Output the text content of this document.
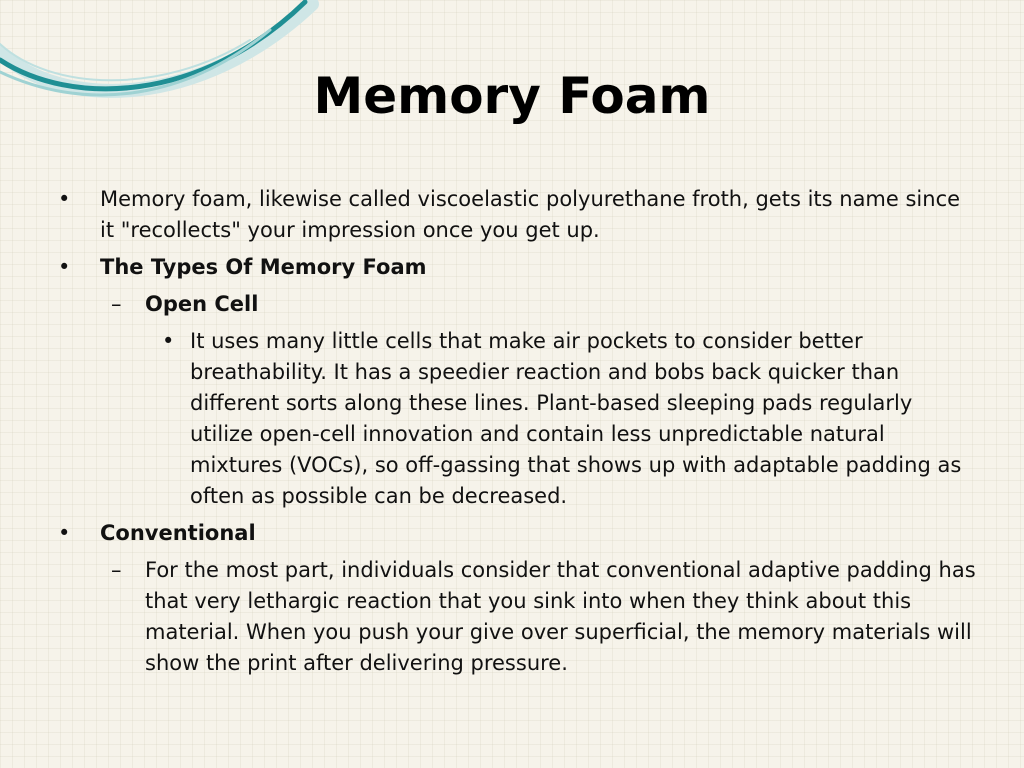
Memory Foam
• Memory foam, likewise called viscoelastic polyurethane froth, gets its name since it "recollects" your impression once you get up.
• The Types Of Memory Foam
– Open Cell
• It uses many little cells that make air pockets to consider better breathability. It has a speedier reaction and bobs back quicker than different sorts along these lines. Plant-based sleeping pads regularly utilize open-cell innovation and contain less unpredictable natural mixtures (VOCs), so off-gassing that shows up with adaptable padding as often as possible can be decreased.
• Conventional
– For the most part, individuals consider that conventional adaptive padding has that very lethargic reaction that you sink into when they think about this material. When you push your give over superficial, the memory materials will show the print after delivering pressure.
